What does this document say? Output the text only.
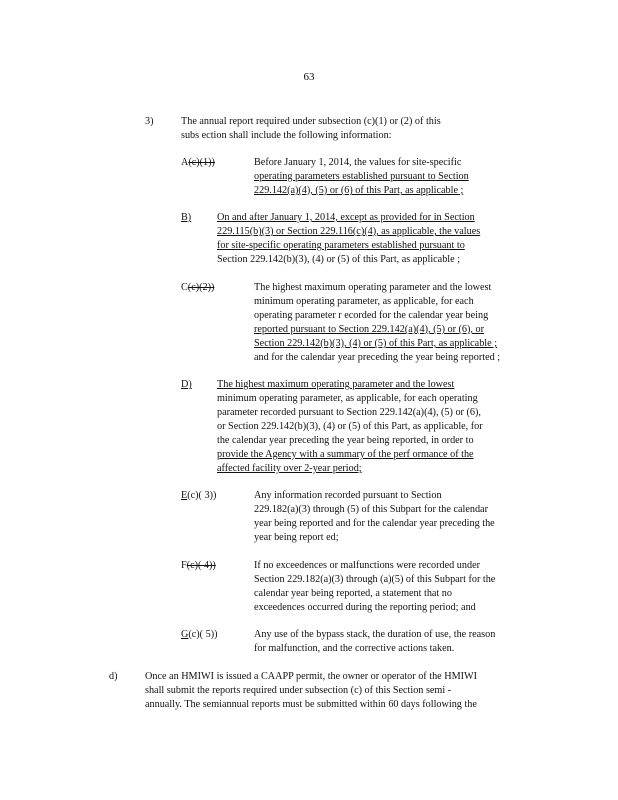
63
3)	The annual report required under subsection (c)(1) or (2) of this
subs ection shall include the following information:
A(c)(1))	Before January 1, 2014, the values for site-specific
operating parameters established pursuant to Section
229.142(a)(4), (5) or (6) of this Part, as applicable ;
B)	On and after January 1, 2014, except as provided for in Section
229.115(b)(3) or Section 229.116(c)(4), as applicable, the values
for site-specific operating parameters established pursuant to
Section 229.142(b)(3), (4) or (5) of this Part, as applicable ;
C(c)(2))	The highest maximum operating parameter and the lowest
minimum operating parameter, as applicable, for each
operating parameter r ecorded for the calendar year being
reported pursuant to Section 229.142(a)(4), (5) or (6), or
Section 229.142(b)(3), (4) or (5) of this Part, as applicable ;
and for the calendar year preceding the year being reported ;
D) The highest maximum operating parameter and the lowest
minimum operating parameter, as applicable, for each operating
parameter recorded pursuant to Section 229.142(a)(4), (5) or (6),
or Section 229.142(b)(3), (4) or (5) of this Part, as applicable, for
the calendar year preceding the year being reported, in order to
provide the Agency with a summary of the perf ormance of the
affected facility over 2-year period;
E(c)( 3))	Any information recorded pursuant to Section
229.182(a)(3) through (5) of this Subpart for the calendar
year being reported and for the calendar year preceding the
year being report ed;
F(c)( 4))	If no exceedences or malfunctions were recorded under
Section 229.182(a)(3) through (a)(5) of this Subpart for the
calendar year being reported, a statement that no
exceedences occurred during the reporting period; and
G(c)( 5))	Any use of the bypass stack, the duration of use, the reason
for malfunction, and the corrective actions taken.
d)	Once an HMIWI is issued a CAAPP permit, the owner or operator of the HMIWI
shall submit the reports required under subsection (c) of this Section semi -
annually. The semiannual reports must be submitted within 60 days following the
